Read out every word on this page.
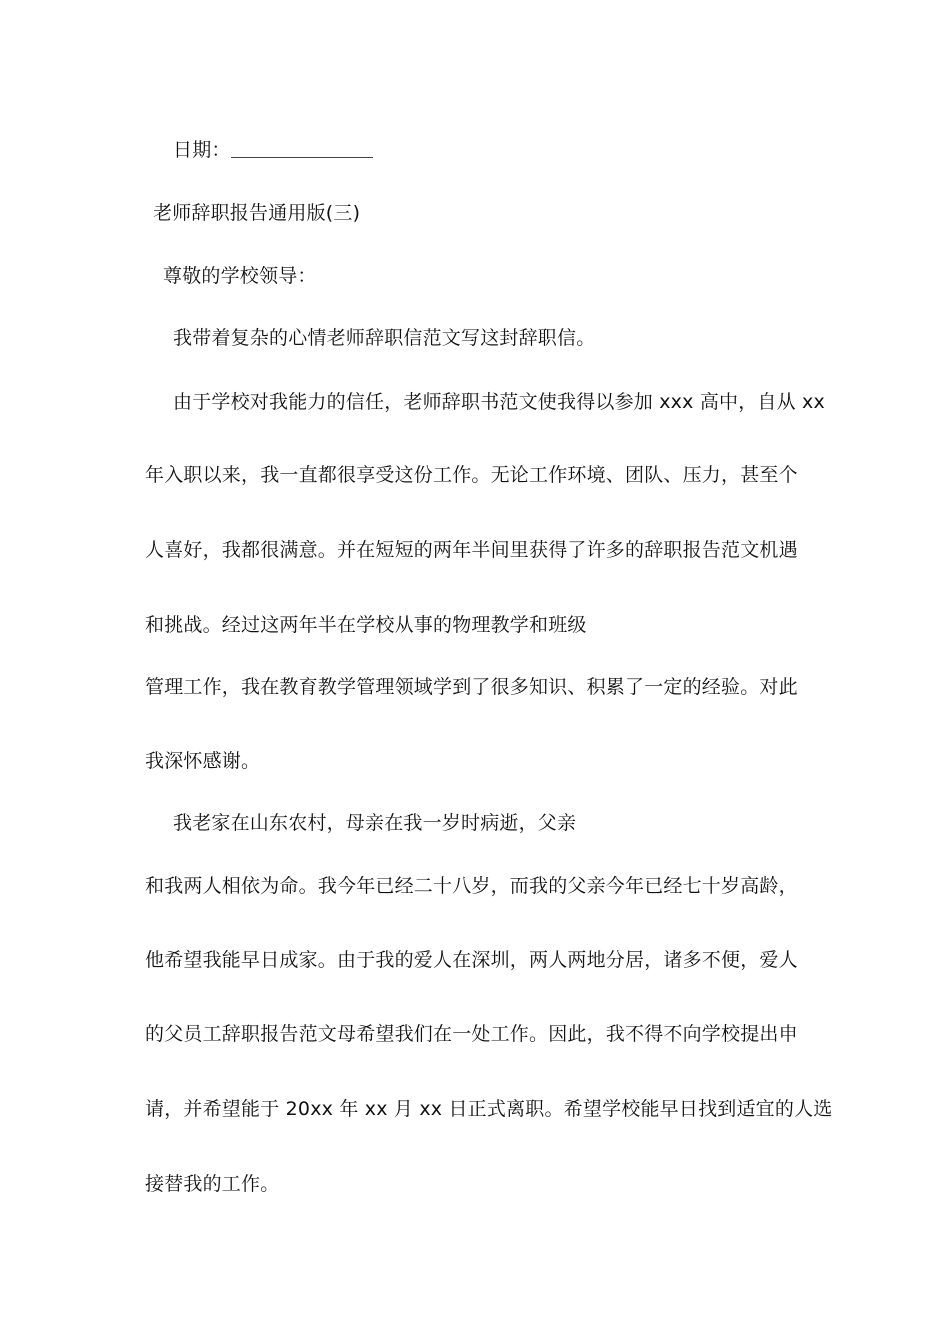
日期：
老师辞职报告通用版(三)
尊敬的学校领导：
我带着复杂的心情老师辞职信范文写这封辞职信。
由于学校对我能力的信任，老师辞职书范文使我得以参加 xxx 高中，自从 xx
年入职以来，我一直都很享受这份工作。无论工作环境、团队、压力，甚至个
人喜好，我都很满意。并在短短的两年半间里获得了许多的辞职报告范文机遇
和挑战。经过这两年半在学校从事的物理教学和班级
管理工作，我在教育教学管理领域学到了很多知识、积累了一定的经验。对此
我深怀感谢。
我老家在山东农村，母亲在我一岁时病逝，父亲
和我两人相依为命。我今年已经二十八岁，而我的父亲今年已经七十岁高龄，
他希望我能早日成家。由于我的爱人在深圳，两人两地分居，诸多不便，爱人
的父员工辞职报告范文母希望我们在一处工作。因此，我不得不向学校提出申
请，并希望能于 20xx 年 xx 月 xx 日正式离职。希望学校能早日找到适宜的人选
接替我的工作。
